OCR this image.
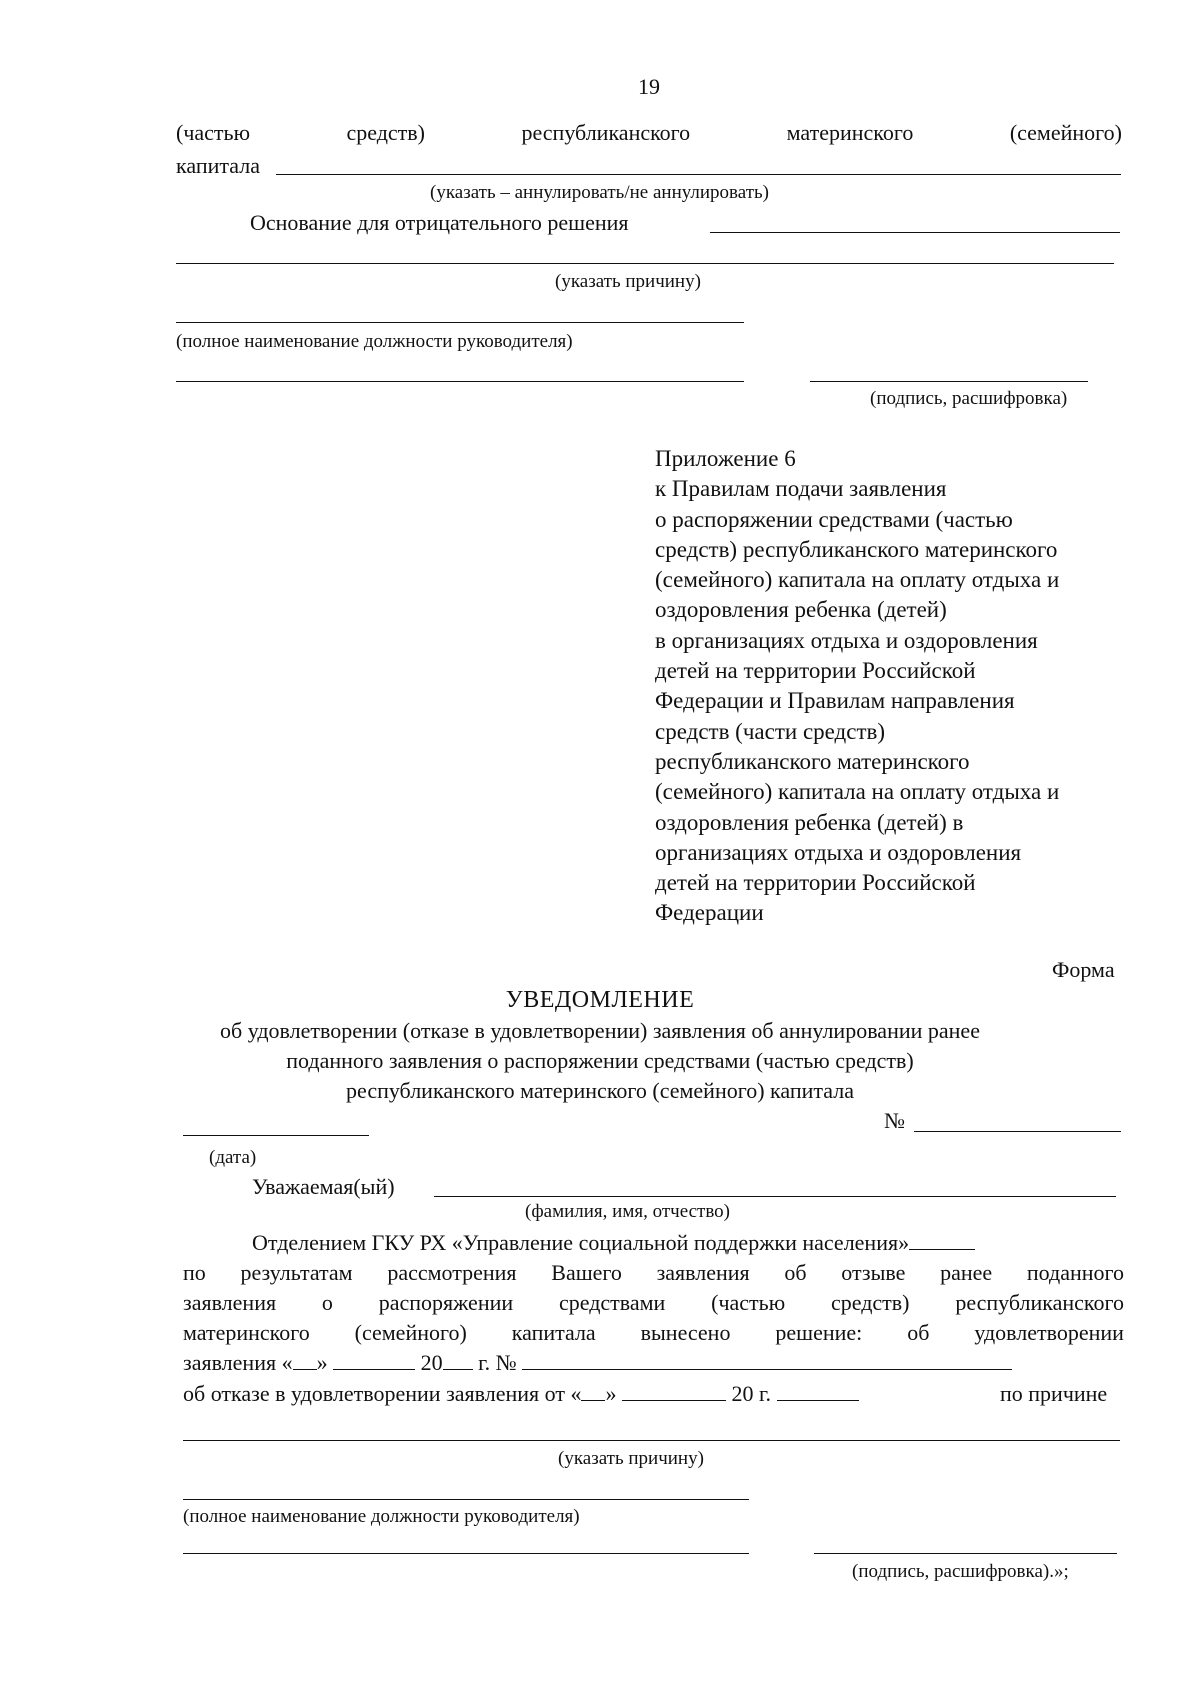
19
(частью	средств)	республиканского	материнского	(семейного)
капитала
(указать – аннулировать/не аннулировать)
Основание для отрицательного решения
(указать причину)
(полное наименование должности руководителя)
(подпись, расшифровка)
Приложение 6
к Правилам подачи заявления
о распоряжении средствами (частью
средств) республиканского материнского
(семейного) капитала на оплату отдыха и
оздоровления ребенка (детей)
в организациях отдыха и оздоровления
детей на территории Российской
Федерации и Правилам направления
средств (части средств)
республиканского материнского
(семейного) капитала на оплату отдыха и
оздоровления ребенка (детей) в
организациях отдыха и оздоровления
детей на территории Российской
Федерации
Форма
УВЕДОМЛЕНИЕ
об удовлетворении (отказе в удовлетворении) заявления об аннулировании ранее
поданного заявления о распоряжении средствами (частью средств)
республиканского материнского (семейного) капитала
№
(дата)
Уважаемая(ый)
(фамилия, имя, отчество)
Отделением ГКУ РХ «Управление социальной поддержки населения»
по результатам рассмотрения Вашего заявления об отзыве ранее поданного
заявления о распоряжении средствами (частью средств) республиканского
материнского (семейного) капитала вынесено решение: об удовлетворении
заявления « »	20 г. №
об отказе в удовлетворении заявления от « »	20 г.	по причине
(указать причину)
(полное наименование должности руководителя)
(подпись, расшифровка).»;
